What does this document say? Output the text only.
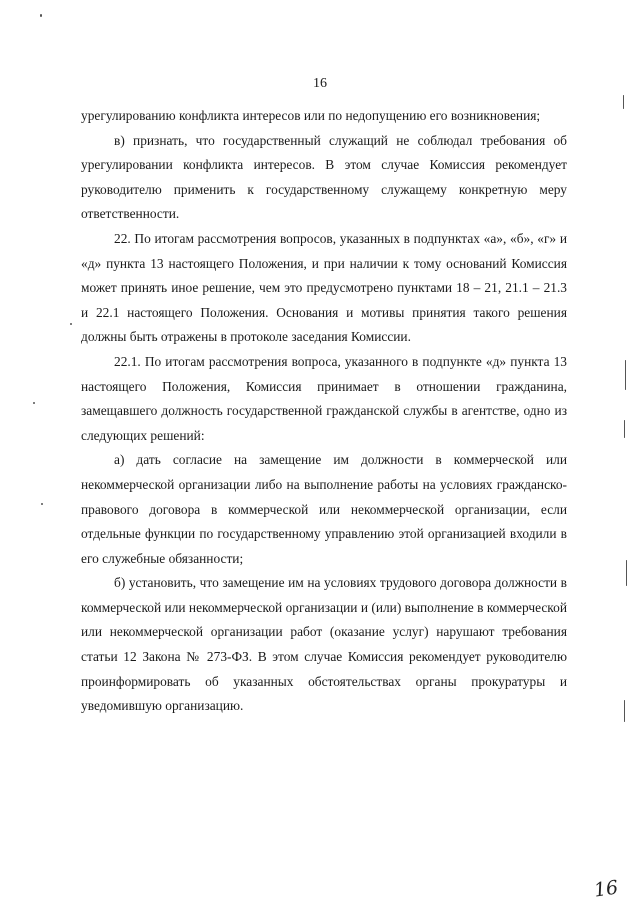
16

урегулированию конфликта интересов или по недопущению его возникновения;

в) признать, что государственный служащий не соблюдал требования об урегулировании конфликта интересов. В этом случае Комиссия рекомендует руководителю применить к государственному служащему конкретную меру ответственности.

22. По итогам рассмотрения вопросов, указанных в подпунктах «а», «б», «г» и «д» пункта 13 настоящего Положения, и при наличии к тому оснований Комиссия может принять иное решение, чем это предусмотрено пунктами 18 – 21, 21.1 – 21.3 и 22.1 настоящего Положения. Основания и мотивы принятия такого решения должны быть отражены в протоколе заседания Комиссии.

22.1. По итогам рассмотрения вопроса, указанного в подпункте «д» пункта 13 настоящего Положения, Комиссия принимает в отношении гражданина, замещавшего должность государственной гражданской службы в агентстве, одно из следующих решений:

а) дать согласие на замещение им должности в коммерческой или некоммерческой организации либо на выполнение работы на условиях гражданско-правового договора в коммерческой или некоммерческой организации, если отдельные функции по государственному управлению этой организацией входили в его служебные обязанности;

б) установить, что замещение им на условиях трудового договора должности в коммерческой или некоммерческой организации и (или) выполнение в коммерческой или некоммерческой организации работ (оказание услуг) нарушают требования статьи 12 Закона № 273-ФЗ. В этом случае Комиссия рекомендует руководителю проинформировать об указанных обстоятельствах органы прокуратуры и уведомившую организацию.

16
